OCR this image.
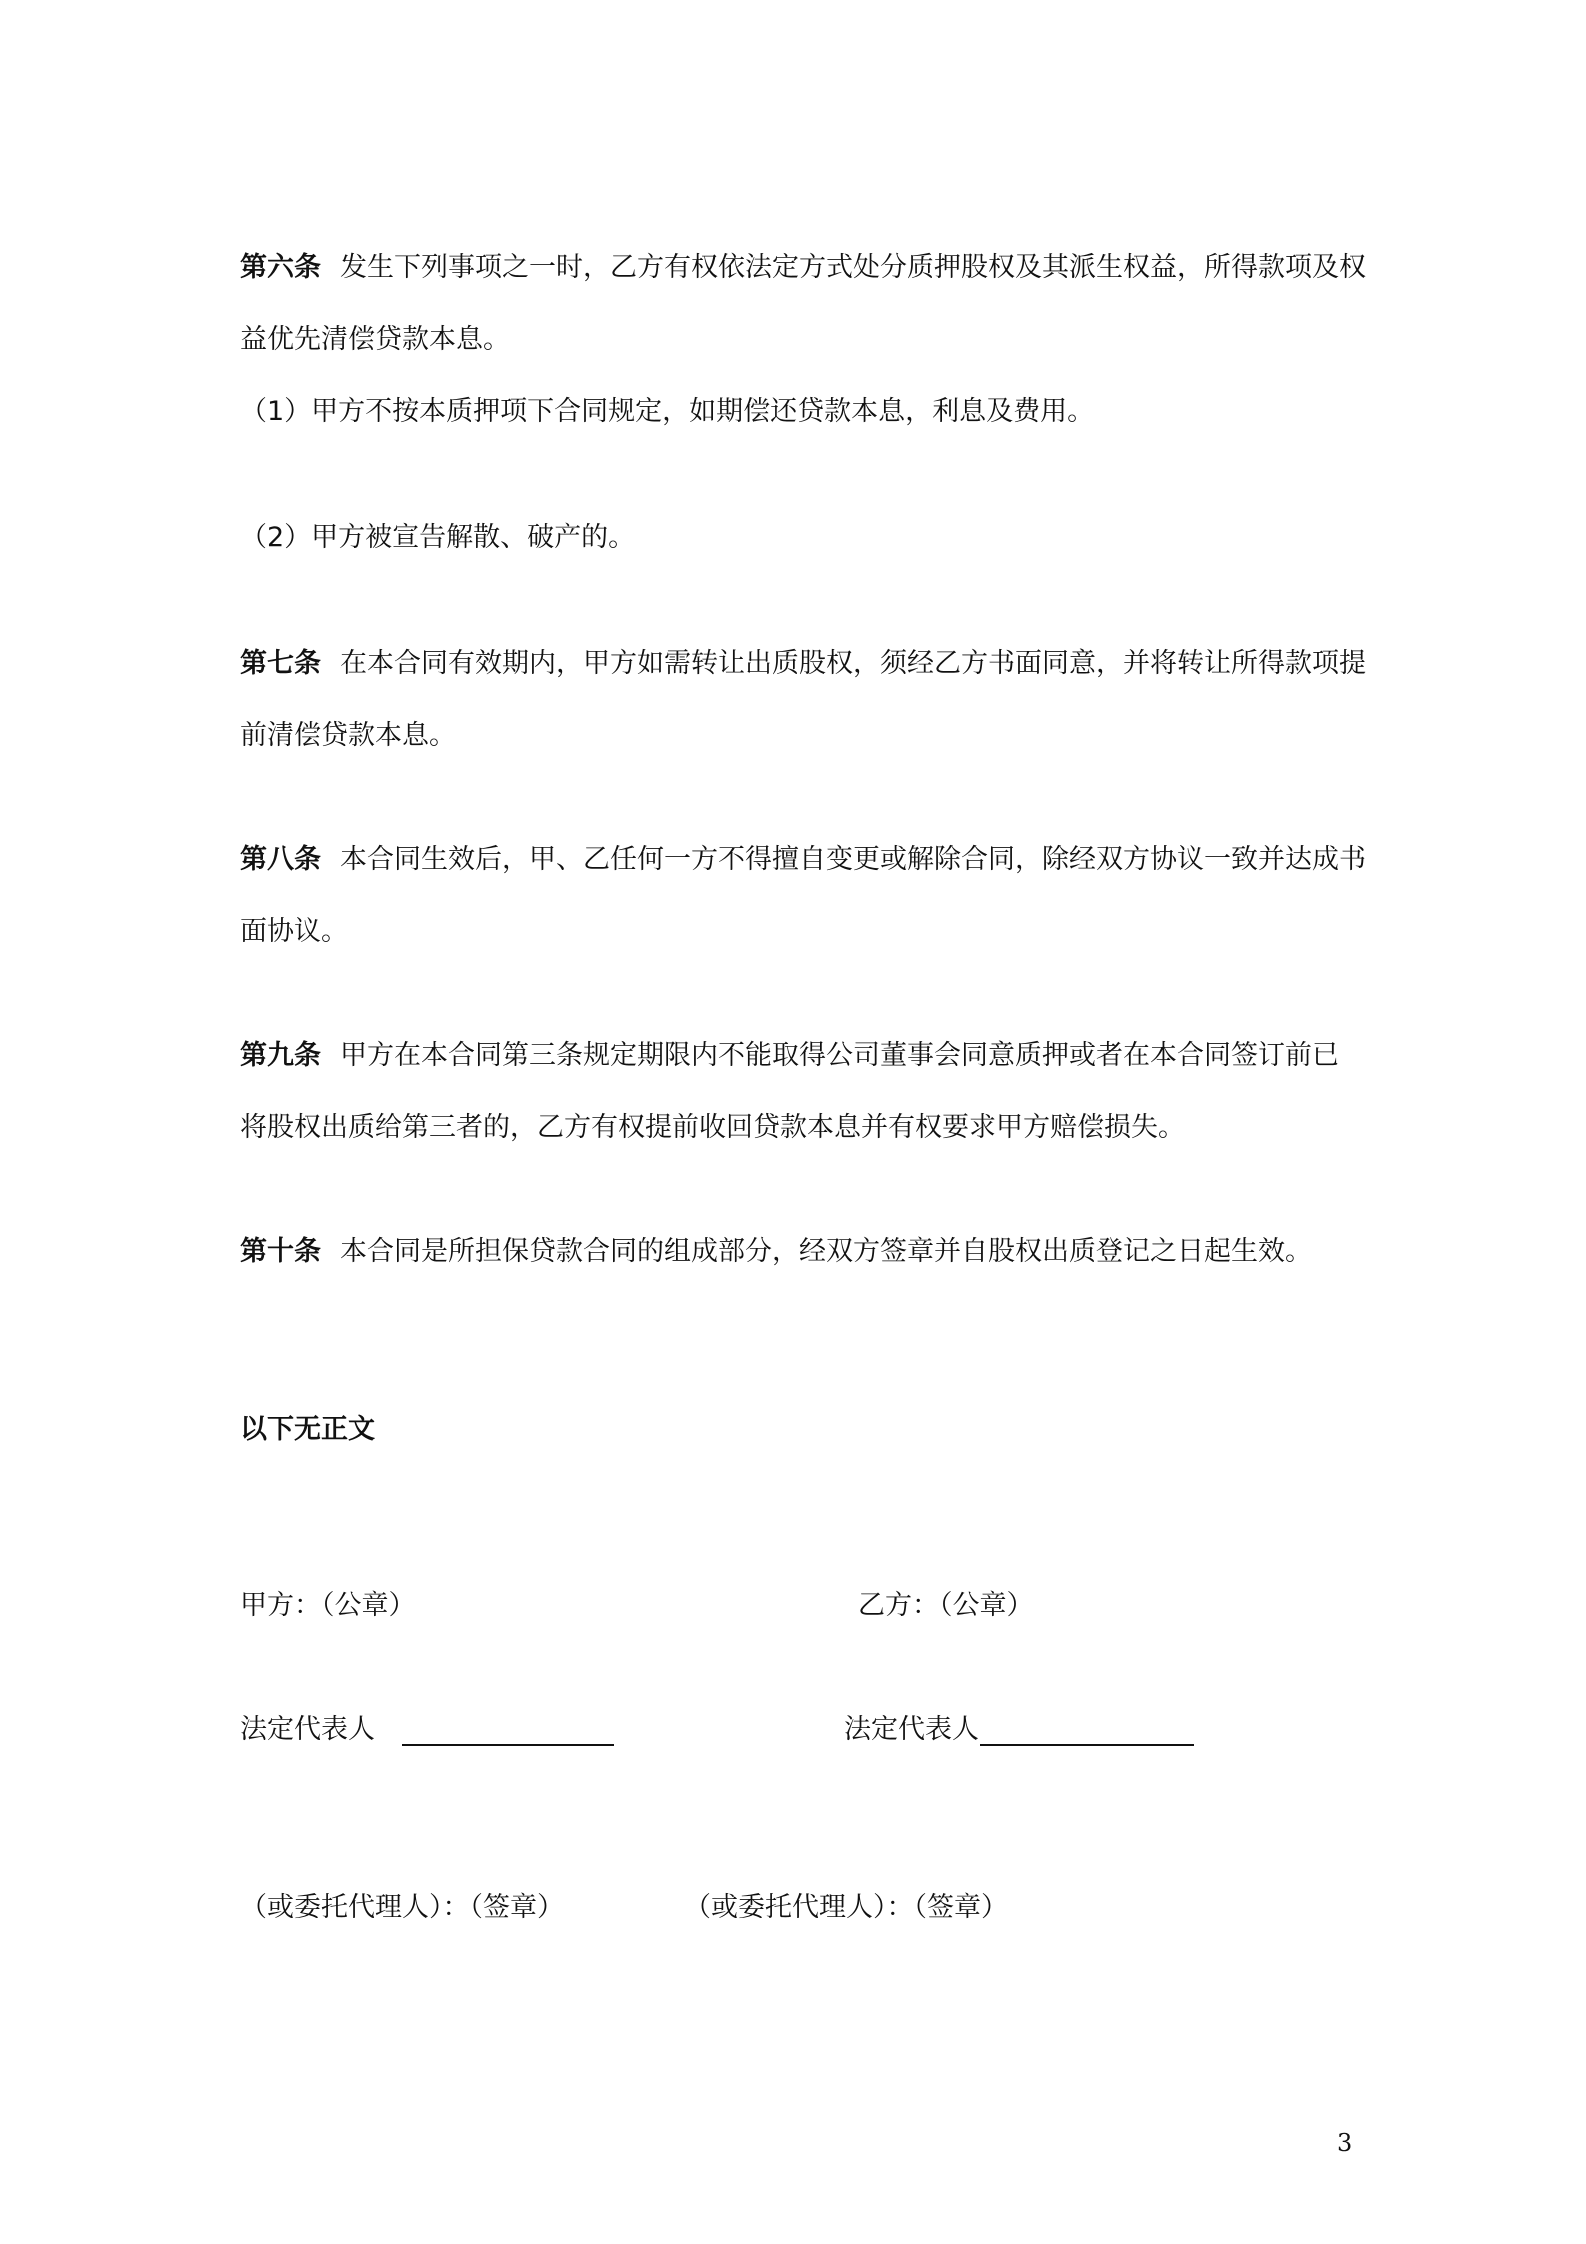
第六条 发生下列事项之一时，乙方有权依法定方式处分质押股权及其派生权益，所得款项及权
益优先清偿贷款本息。
（1）甲方不按本质押项下合同规定，如期偿还贷款本息，利息及费用。
（2）甲方被宣告解散、破产的。
第七条 在本合同有效期内，甲方如需转让出质股权，须经乙方书面同意，并将转让所得款项提
前清偿贷款本息。
第八条 本合同生效后，甲、乙任何一方不得擅自变更或解除合同，除经双方协议一致并达成书
面协议。
第九条 甲方在本合同第三条规定期限内不能取得公司董事会同意质押或者在本合同签订前已
将股权出质给第三者的，乙方有权提前收回贷款本息并有权要求甲方赔偿损失。
第十条 本合同是所担保贷款合同的组成部分，经双方签章并自股权出质登记之日起生效。
以下无正文
甲方：（公章）	乙方：（公章）
法定代表人	法定代表人
（或委托代理人）：（签章）	（或委托代理人）：（签章）
3
